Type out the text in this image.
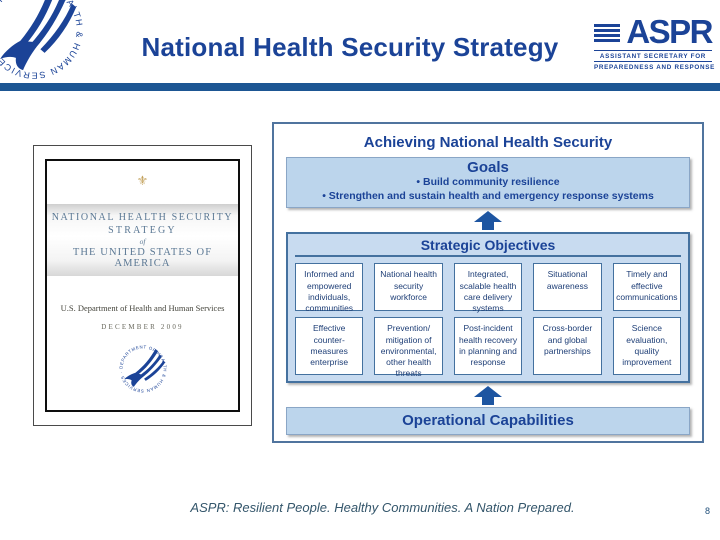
National Health Security Strategy	ASPR
ASSISTANT SECRETARY FOR
PREPAREDNESS AND RESPONSE
⚜
NATIONAL HEALTH SECURITY
STRATEGY
of
THE UNITED STATES OF AMERICA
U.S. Department of Health and Human Services
DECEMBER 2009
Achieving National Health Security
Goals
• Build community resilience
• Strengthen and sustain health and emergency response systems
Strategic Objectives
Informed and empowered individuals, communities
National health security workforce
Integrated, scalable health care delivery systems
Situational awareness
Timely and effective communications
Effective counter-measures enterprise
Prevention/ mitigation of environmental, other health threats
Post-incident health recovery in planning and response
Cross-border and global partnerships
Science evaluation, quality improvement
Operational Capabilities
ASPR: Resilient People. Healthy Communities. A Nation Prepared.	8
